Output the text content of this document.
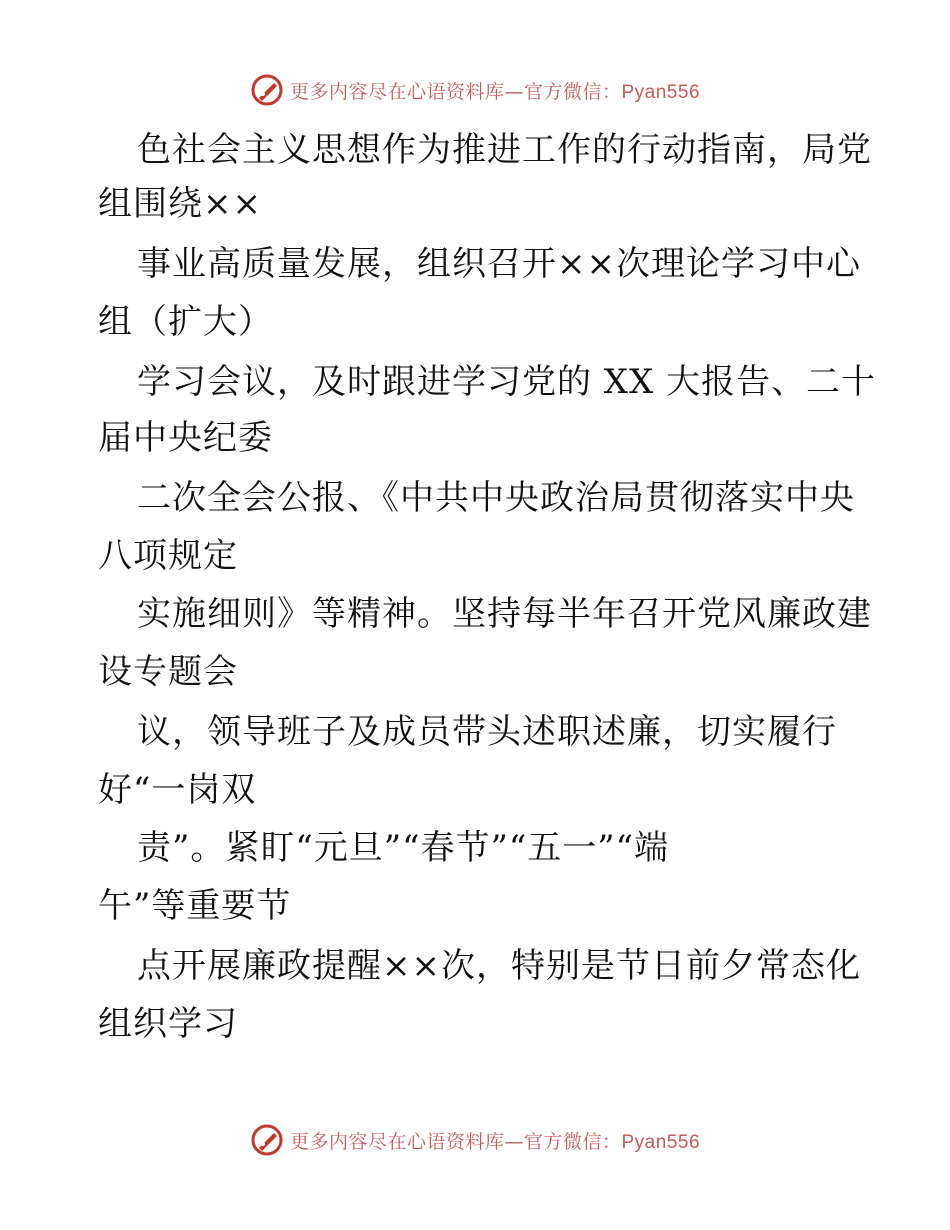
更多内容尽在心语资料库—官方微信：Pyan556
色社会主义思想作为推进工作的行动指南，局党
组围绕××
事业高质量发展，组织召开××次理论学习中心
组（扩大）
学习会议，及时跟进学习党的 XX 大报告、二十
届中央纪委
二次全会公报、《中共中央政治局贯彻落实中央
八项规定
实施细则》等精神。坚持每半年召开党风廉政建
设专题会
议，领导班子及成员带头述职述廉，切实履行
好“一岗双
责”。紧盯“元旦”“春节”“五一”“端
午”等重要节
点开展廉政提醒××次，特别是节日前夕常态化
组织学习
更多内容尽在心语资料库—官方微信：Pyan556
